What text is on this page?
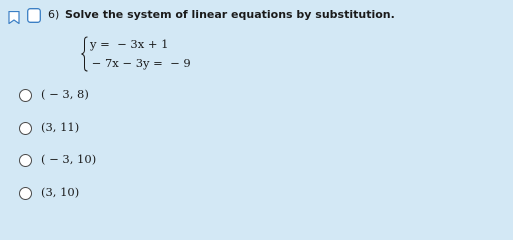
6) Solve the system of linear equations by substitution.
y =  − 3x + 1
− 7x − 3y =  − 9
( − 3, 8)
(3, 11)
( − 3, 10)
(3, 10)
